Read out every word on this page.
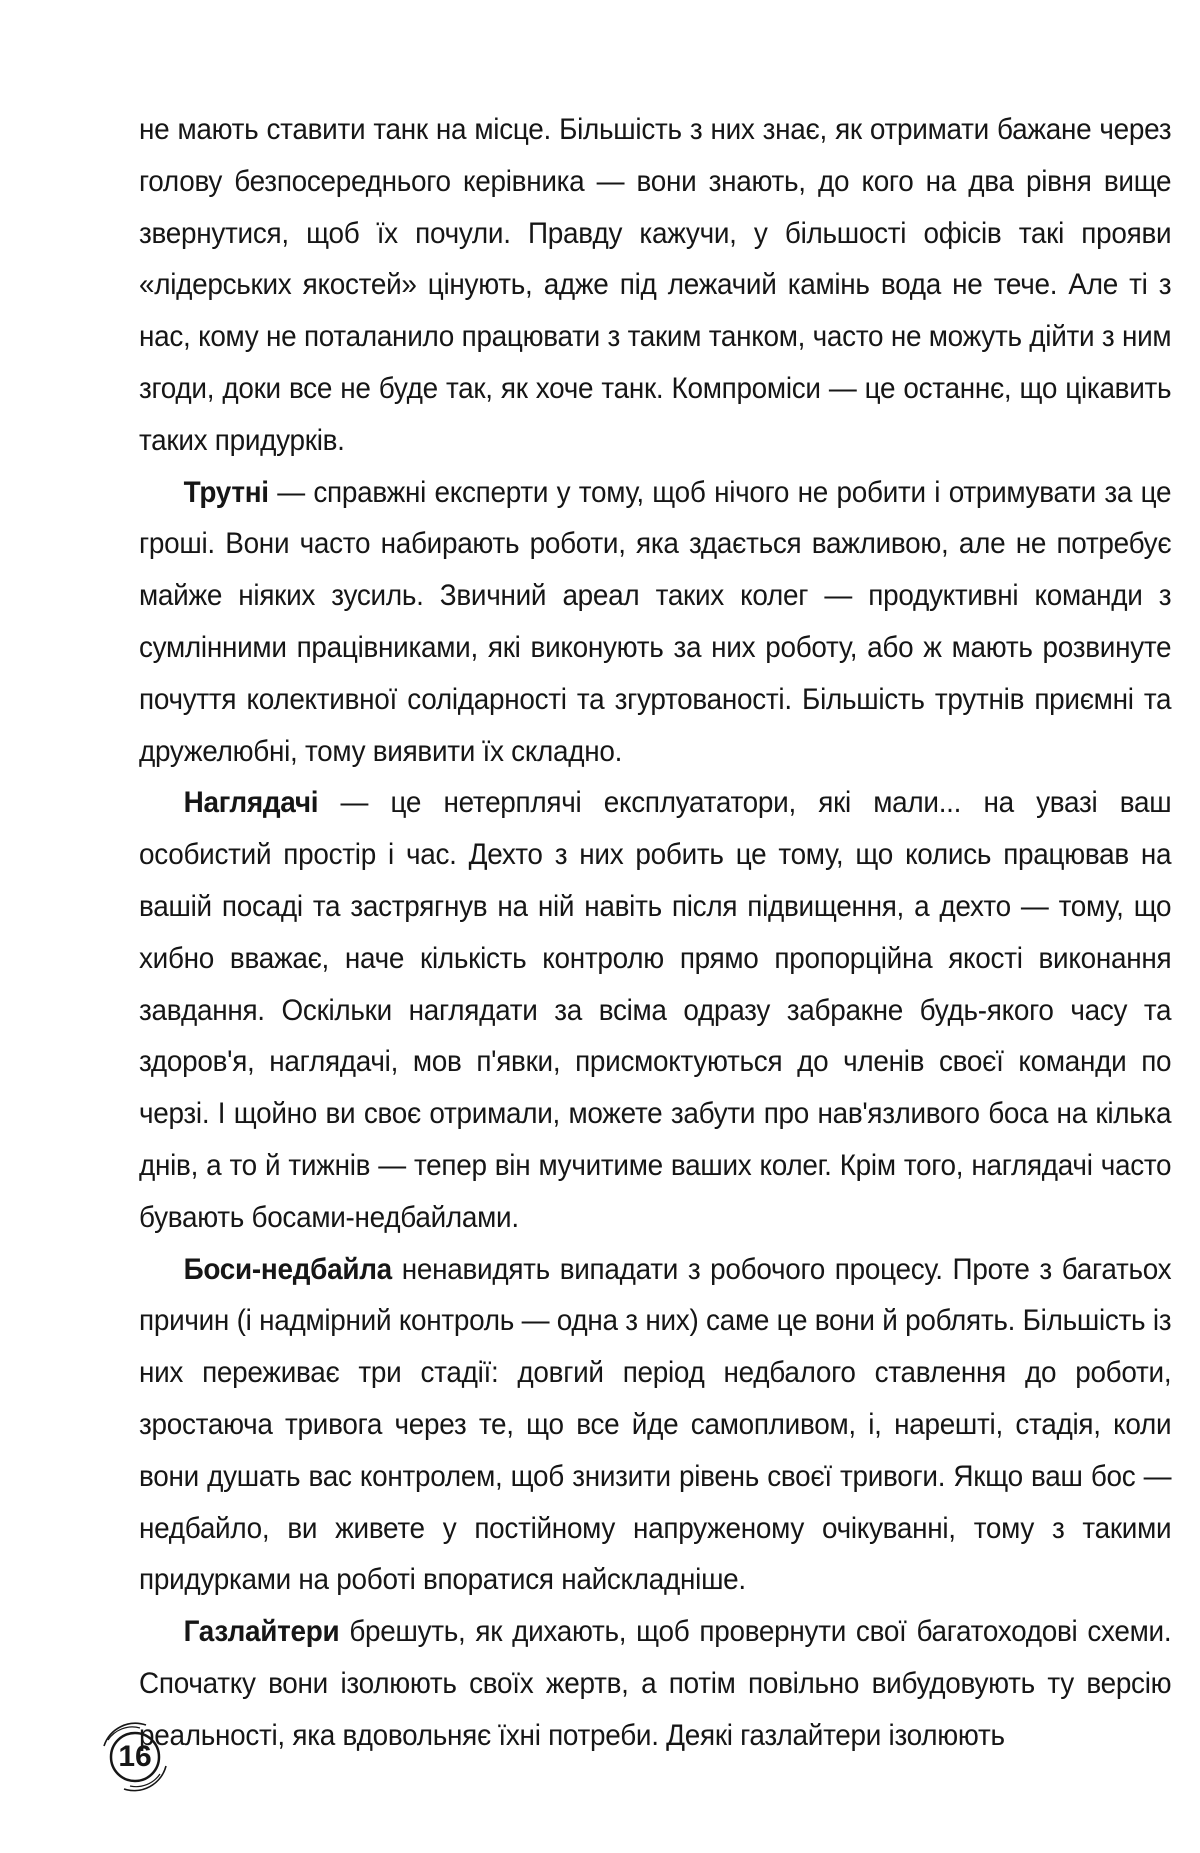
не мають ставити танк на місце. Більшість з них знає, як отримати бажане через голову безпосереднього керівника — вони знають, до кого на два рівня вище звернутися, щоб їх почули. Правду кажучи, у більшості офісів такі прояви «лідерських якостей» цінують, адже під лежачий камінь вода не тече. Але ті з нас, кому не поталанило працювати з таким танком, часто не можуть дійти з ним згоди, доки все не буде так, як хоче танк. Компроміси — це останнє, що цікавить таких придурків.

Трутні — справжні експерти у тому, щоб нічого не робити і отримувати за це гроші. Вони часто набирають роботи, яка здається важливою, але не потребує майже ніяких зусиль. Звичний ареал таких колег — продуктивні команди з сумлінними працівниками, які виконують за них роботу, або ж мають розвинуте почуття колективної солідарності та згуртованості. Більшість трутнів приємні та дружелюбні, тому виявити їх складно.

Наглядачі — це нетерплячі експлуататори, які мали... на увазі ваш особистий простір і час. Дехто з них робить це тому, що колись працював на вашій посаді та застрягнув на ній навіть після підвищення, а дехто — тому, що хибно вважає, наче кількість контролю прямо пропорційна якості виконання завдання. Оскільки наглядати за всіма одразу забракне будь-якого часу та здоров'я, наглядачі, мов п'явки, присмоктуються до членів своєї команди по черзі. І щойно ви своє отримали, можете забути про нав'язливого боса на кілька днів, а то й тижнів — тепер він мучитиме ваших колег. Крім того, наглядачі часто бувають босами-недбайлами.

Боси-недбайла ненавидять випадати з робочого процесу. Проте з багатьох причин (і надмірний контроль — одна з них) саме це вони й роблять. Більшість із них переживає три стадії: довгий період недбалого ставлення до роботи, зростаюча тривога через те, що все йде самопливом, і, нарешті, стадія, коли вони душать вас контролем, щоб знизити рівень своєї тривоги. Якщо ваш бос — недбайло, ви живете у постійному напруженому очікуванні, тому з такими придурками на роботі впоратися найскладніше.

Газлайтери брешуть, як дихають, щоб провернути свої багатоходові схеми. Спочатку вони ізолюють своїх жертв, а потім повільно вибудовують ту версію реальності, яка вдовольняє їхні потреби. Деякі газлайтери ізолюють

16
